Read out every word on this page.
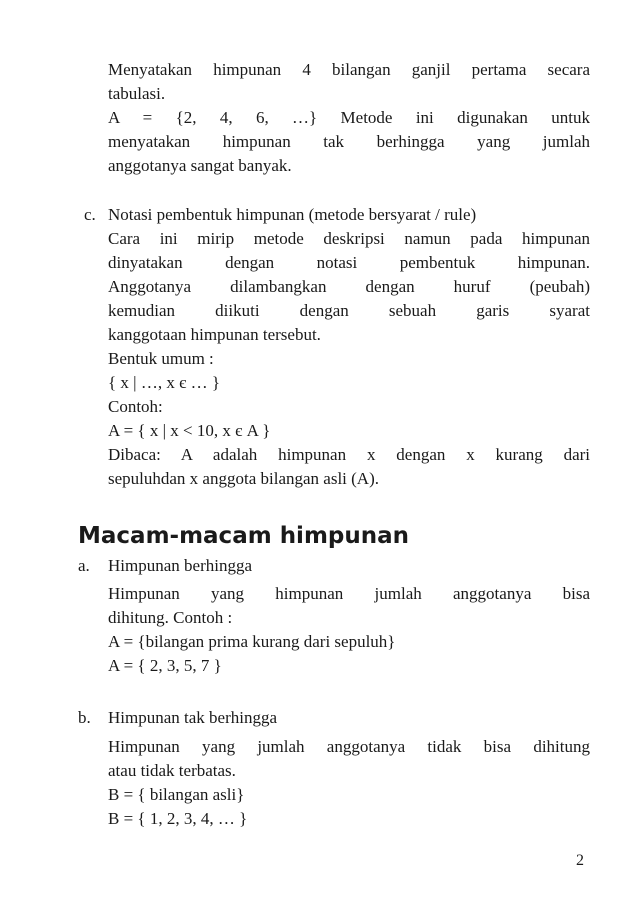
Menyatakan himpunan 4 bilangan ganjil pertama secara
tabulasi.
A = {2, 4, 6, …} Metode ini digunakan untuk
menyatakan himpunan tak berhingga yang jumlah
anggotanya sangat banyak.
c. Notasi pembentuk himpunan (metode bersyarat / rule)
Cara ini mirip metode deskripsi namun pada himpunan
dinyatakan dengan notasi pembentuk himpunan.
Anggotanya dilambangkan dengan huruf (peubah)
kemudian diikuti dengan sebuah garis syarat
kanggotaan himpunan tersebut.
Bentuk umum :
{ x | …, x є … }
Contoh:
A = { x | x < 10, x є A }
Dibaca: A adalah himpunan x dengan x kurang dari
sepuluhdan x anggota bilangan asli (A).
Macam-macam himpunan
a. Himpunan berhingga
Himpunan yang himpunan jumlah anggotanya bisa
dihitung. Contoh :
A = {bilangan prima kurang dari sepuluh}
A = { 2, 3, 5, 7 }
b. Himpunan tak berhingga
Himpunan yang jumlah anggotanya tidak bisa dihitung
atau tidak terbatas.
B = { bilangan asli}
B = { 1, 2, 3, 4, … }
2
